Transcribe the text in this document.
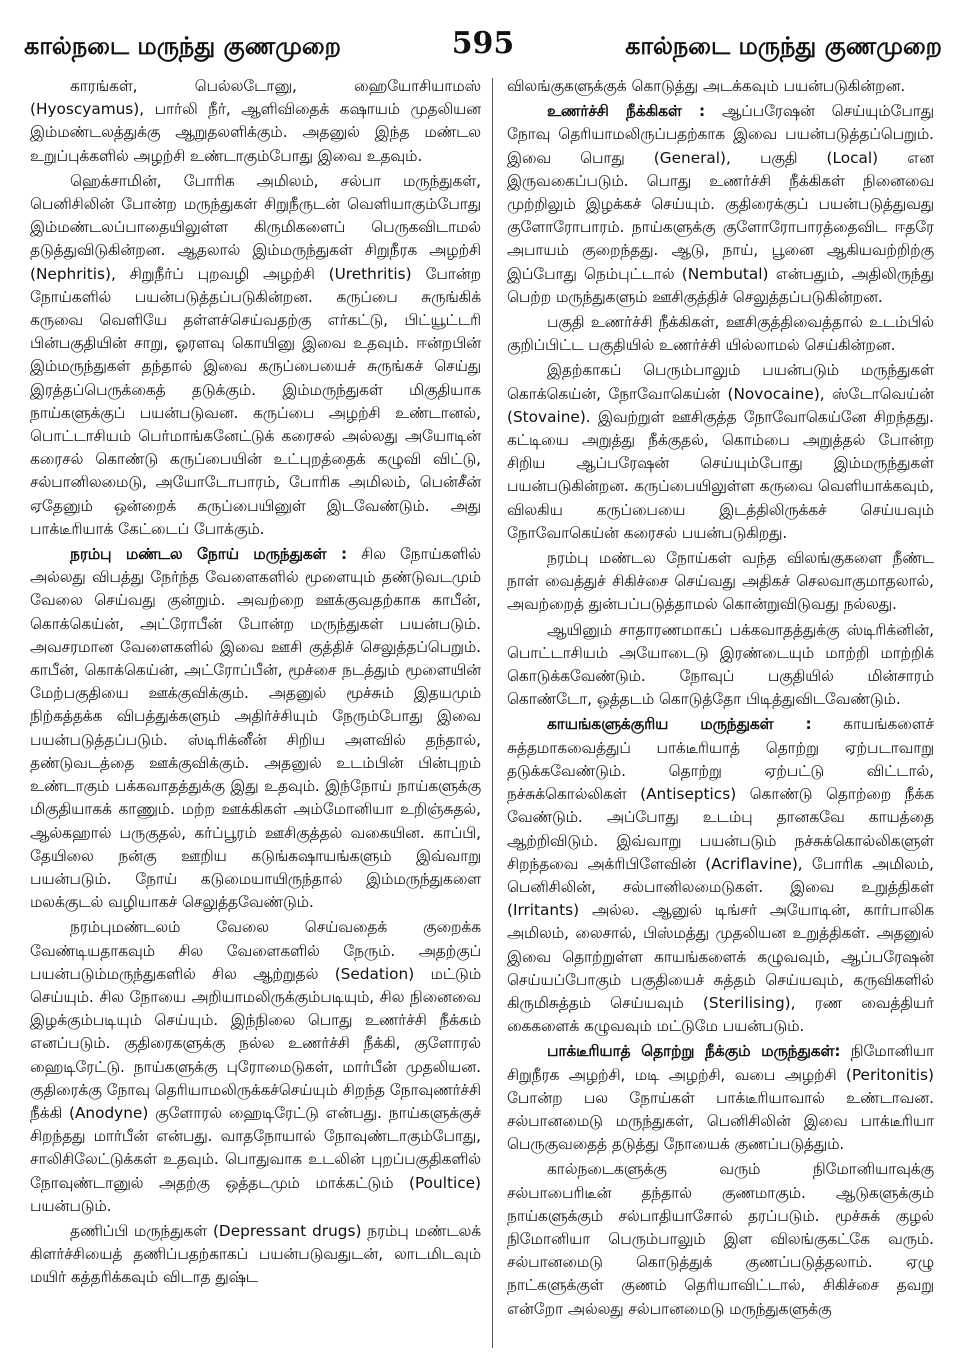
கால்நடை மருந்து குணமுறை	595	கால்நடை மருந்து குணமுறை

காரங்கள், பெல்லடோனு, ஹையோசியாமஸ் (Hyoscyamus), பார்லி நீர், ஆளிவிதைக் கஷாயம் முதலியன இம்மண்டலத்துக்கு ஆறுதலளிக்கும். அதனுல் இந்த மண்டல உறுப்புக்களில் அழற்சி உண்டாகும்போது இவை உதவும்.

ஹெக்சாமின், போரிக அமிலம், சல்பா மருந்துகள், பெனிசிலின் போன்ற மருந்துகள் சிறுநீருடன் வெளியாகும்போது இம்மண்டலப்பாதையிலுள்ள கிருமிகளைப் பெருகவிடாமல் தடுத்துவிடுகின்றன. ஆதலால் இம்மருந்துகள் சிறுநீரக அழற்சி (Nephritis), சிறுநீர்ப் புறவழி அழற்சி (Urethritis) போன்ற நோய்களில் பயன்படுத்தப்படுகின்றன. கருப்பை சுருங்கிக் கருவை வெளியே தள்ளச்செய்வதற்கு எர்கட்டு, பிட்யூட்டரி பின்பகுதியின் சாறு, ஓரளவு கொயினு இவை உதவும். ஈன்றபின் இம்மருந்துகள் தந்தால் இவை கருப்பையைச் சுருங்கச் செய்து இரத்தப்பெருக்கைத் தடுக்கும். இம்மருந்துகள் மிகுதியாக நாய்களுக்குப் பயன்படுவன. கருப்பை அழற்சி உண்டானல், பொட்டாசியம் பெர்மாங்கனேட்டுக் கரைசல் அல்லது அயோடின் கரைசல் கொண்டு கருப்பையின் உட்புறத்தைக் கழுவி விட்டு, சல்பானிலமைடு, அயோடோபாரம், போரிக அமிலம், பென்சீன் ஏதேனும் ஒன்றைக் கருப்பையினுள் இடவேண்டும். அது பாக்டீரியாக் கேட்டைப் போக்கும்.

நரம்பு மண்டல நோய் மருந்துகள் : சில நோய்களில் அல்லது விபத்து நேர்ந்த வேளைகளில் மூளையும் தண்டுவடமும் வேலை செய்வது குன்றும். அவற்றை ஊக்குவதற்காக காபீன், கொக்கெய்ன், அட்ரோபீன் போன்ற மருந்துகள் பயன்படும். அவசரமான வேளைகளில் இவை ஊசி குத்திச் செலுத்தப்பெறும். காபீன், கொக்கெய்ன், அட்ரோப்பீன், மூச்சை நடத்தும் மூளையின் மேற்பகுதியை ஊக்குவிக்கும். அதனுல் மூச்சும் இதயமும் நிற்கத்தக்க விபத்துக்களும் அதிர்ச்சியும் நேரும்போது இவை பயன்படுத்தப்படும். ஸ்டிரிக்னீன் சிறிய அளவில் தந்தால், தண்டுவடத்தை ஊக்குவிக்கும். அதனுல் உடம்பின் பின்புறம் உண்டாகும் பக்கவாதத்துக்கு இது உதவும். இந்நோய் நாய்களுக்கு மிகுதியாகக் காணும். மற்ற ஊக்கிகள் அம்மோனியா உறிஞ்சுதல், ஆல்கஹால் பருகுதல், கர்ப்பூரம் ஊசிகுத்தல் வகையின. காப்பி, தேயிலை நன்கு ஊறிய கடுங்கஷாயங்களும் இவ்வாறு பயன்படும். நோய் கடுமையாயிருந்தால் இம்மருந்துகளை மலக்குடல் வழியாகச் செலுத்தவேண்டும்.

நரம்புமண்டலம் வேலை செய்வதைக் குறைக்க வேண்டியதாகவும் சில வேளைகளில் நேரும். அதற்குப் பயன்படும்மருந்துகளில் சில ஆற்றுதல் (Sedation) மட்டும் செய்யும். சில நோயை அறியாமலிருக்கும்படியும், சில நினைவை இழக்கும்படியும் செய்யும். இந்நிலை பொது உணர்ச்சி நீக்கம் எனப்படும். குதிரைகளுக்கு நல்ல உணர்ச்சி நீக்கி, குளோரல் ஹைடிரேட்டு. நாய்களுக்கு புரோமைடுகள், மார்பீன் முதலியன. குதிரைக்கு நோவு தெரியாமலிருக்கச்செய்யும் சிறந்த நோவுணர்ச்சி நீக்கி (Anodyne) குளோரல் ஹைடிரேட்டு என்பது. நாய்களுக்குச் சிறந்தது மார்பீன் என்பது. வாதநோயால் நோவுண்டாகும்போது, சாலிசிலேட்டுக்கள் உதவும். பொதுவாக உடலின் புறப்பகுதிகளில் நோவுண்டானுல் அதற்கு ஒத்தடமும் மாக்கட்டும் (Poultice) பயன்படும்.

தணிப்பி மருந்துகள் (Depressant drugs) நரம்பு மண்டலக் கிளர்ச்சியைத் தணிப்பதற்காகப் பயன்படுவதுடன், லாடமிடவும் மயிர் கத்தரிக்கவும் விடாத துஷ்ட

விலங்குகளுக்குக் கொடுத்து அடக்கவும் பயன்படுகின்றன.

உணர்ச்சி நீக்கிகள் : ஆப்பரேஷன் செய்யும்போது நோவு தெரியாமலிருப்பதற்காக இவை பயன்படுத்தப்பெறும். இவை பொது (General), பகுதி (Local) என இருவகைப்படும். பொது உணர்ச்சி நீக்கிகள் நினைவை முற்றிலும் இழக்கச் செய்யும். குதிரைக்குப் பயன்படுத்துவது குளோரோபாரம். நாய்களுக்கு குளோரோபாரத்தைவிட ஈதரே அபாயம் குறைந்தது. ஆடு, நாய், பூனை ஆகியவற்றிற்கு இப்போது நெம்புட்டால் (Nembutal) என்பதும், அதிலிருந்து பெற்ற மருந்துகளும் ஊசிகுத்திச் செலுத்தப்படுகின்றன.

பகுதி உணர்ச்சி நீக்கிகள், ஊசிகுத்திவைத்தால் உடம்பில் குறிப்பிட்ட பகுதியில் உணர்ச்சி யில்லாமல் செய்கின்றன.

இதற்காகப் பெரும்பாலும் பயன்படும் மருந்துகள் கொக்கெய்ன், நோவோகெய்ன் (Novocaine), ஸ்டோவெய்ன் (Stovaine). இவற்றுள் ஊசிகுத்த நோவோகெய்னே சிறந்தது. கட்டியை அறுத்து நீக்குதல், கொம்பை அறுத்தல் போன்ற சிறிய ஆப்பரேஷன் செய்யும்போது இம்மருந்துகள் பயன்படுகின்றன. கருப்பையிலுள்ள கருவை வெளியாக்கவும், விலகிய கருப்பையை இடத்திலிருக்கச் செய்யவும் நோவோகெய்ன் கரைசல் பயன்படுகிறது.

நரம்பு மண்டல நோய்கள் வந்த விலங்குகளை நீண்ட நாள் வைத்துச் சிகிச்சை செய்வது அதிகச் செலவாகுமாதலால், அவற்றைத் துன்பப்படுத்தாமல் கொன்றுவிடுவது நல்லது.

ஆயினும் சாதாரணமாகப் பக்கவாதத்துக்கு ஸ்டிரிக்னின், பொட்டாசியம் அயோடைடு இரண்டையும் மாற்றி மாற்றிக் கொடுக்கவேண்டும். நோவுப் பகுதியில் மின்சாரம் கொண்டோ, ஒத்தடம் கொடுத்தோ பிடித்துவிடவேண்டும்.

காயங்களுக்குரிய மருந்துகள் : காயங்களைச் சுத்தமாகவைத்துப் பாக்டீரியாத் தொற்று ஏற்படாவாறு தடுக்கவேண்டும். தொற்று ஏற்பட்டு விட்டால், நச்சுக்கொல்லிகள் (Antiseptics) கொண்டு தொற்றை நீக்க வேண்டும். அப்போது உடம்பு தானகவே காயத்தை ஆற்றிவிடும். இவ்வாறு பயன்படும் நச்சுக்கொல்லிகளுள் சிறந்தவை அக்ரிபிளேவின் (Acriflavine), போரிக அமிலம், பெனிசிலின், சல்பானிலமைடுகள். இவை உறுத்திகள் (Irritants) அல்ல. ஆனுல் டிங்சர் அயோடின், கார்பாலிக அமிலம், லைசால், பிஸ்மத்து முதலியன உறுத்திகள். அதனுல் இவை தொற்றுள்ள காயங்களைக் கழுவவும், ஆப்பரேஷன் செய்யப்போகும் பகுதியைச் சுத்தம் செய்யவும், கருவிகளில் கிருமிசுத்தம் செய்யவும் (Sterilising), ரண வைத்தியர் கைகளைக் கழுவவும் மட்டுமே பயன்படும்.

பாக்டீரியாத் தொற்று நீக்கும் மருந்துகள்: நிமோனியா சிறுநீரக அழற்சி, மடி அழற்சி, வபை அழற்சி (Peritonitis) போன்ற பல நோய்கள் பாக்டீரியாவால் உண்டாவன. சல்பானமைடு மருந்துகள், பெனிசிலின் இவை பாக்டீரியா பெருகுவதைத் தடுத்து நோயைக் குணப்படுத்தும்.

கால்நடைகளுக்கு வரும் நிமோனியாவுக்கு சல்பாபைரிடீன் தந்தால் குணமாகும். ஆடுகளுக்கும் நாய்களுக்கும் சல்பாதியாசோல் தரப்படும். மூச்சுக் குழல் நிமோனியா பெரும்பாலும் இள விலங்குகட்கே வரும். சல்பானமைடு கொடுத்துக் குணப்படுத்தலாம். ஏழு நாட்களுக்குள் குணம் தெரியாவிட்டால், சிகிச்சை தவறு என்றோ அல்லது சல்பானமைடு மருந்துகளுக்கு
